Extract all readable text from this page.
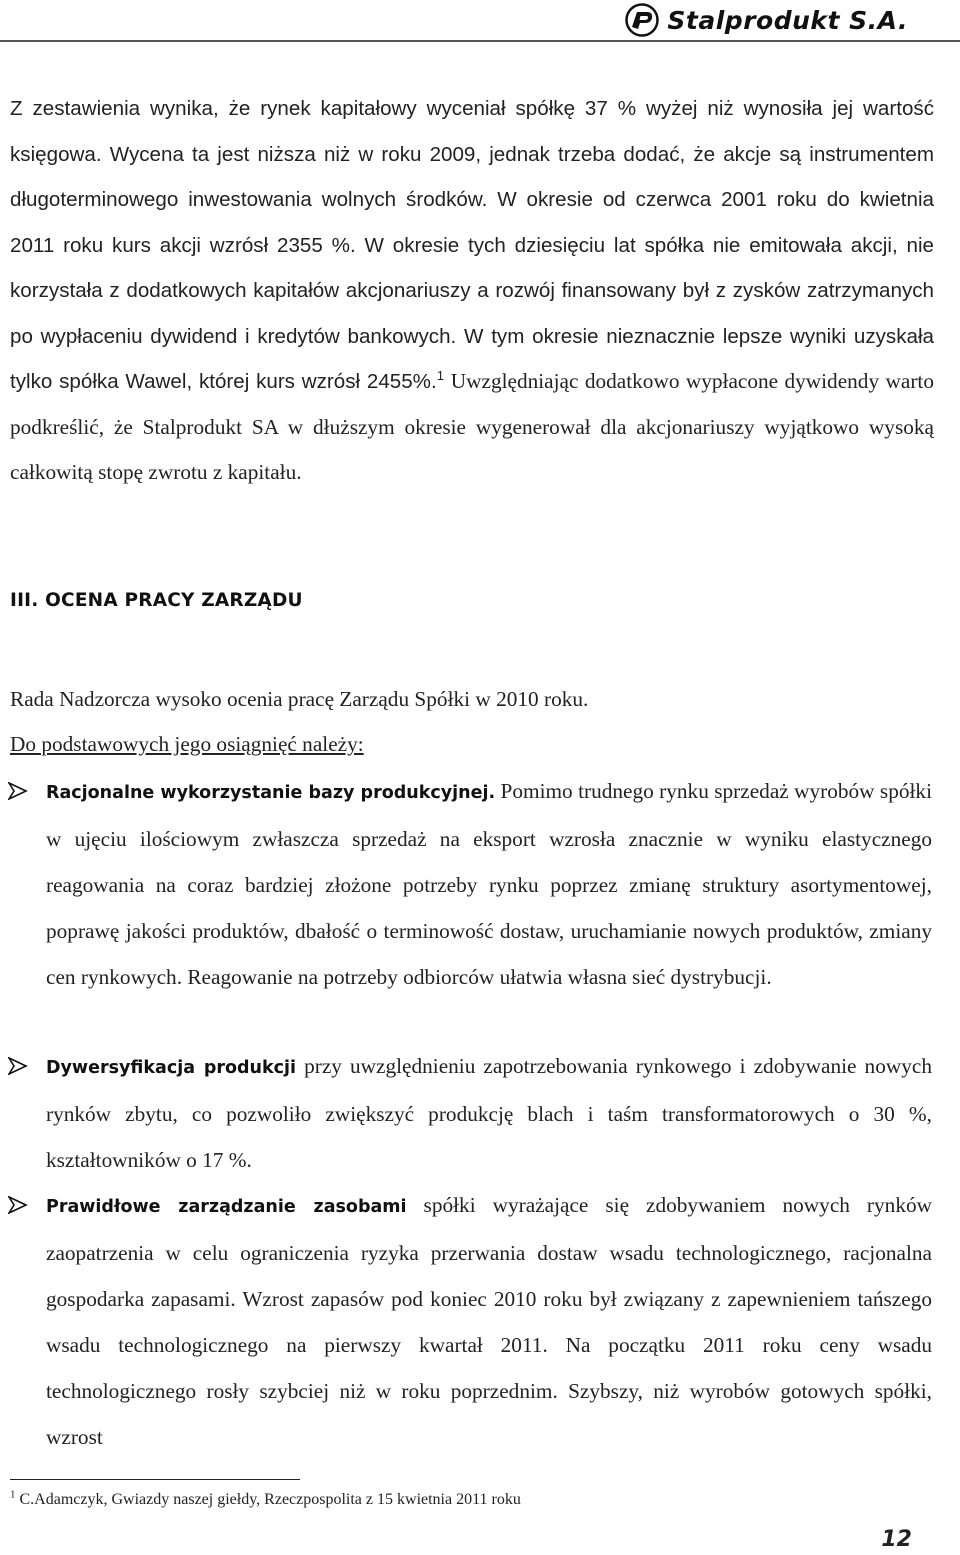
Stalprodukt S.A.
Z zestawienia wynika, że rynek kapitałowy wyceniał spółkę 37 % wyżej niż wynosiła jej wartość księgowa. Wycena ta jest niższa niż w roku 2009, jednak trzeba dodać, że akcje są instrumentem długoterminowego inwestowania wolnych środków. W okresie od czerwca 2001 roku do kwietnia 2011 roku kurs akcji wzrósł 2355 %. W okresie tych dziesięciu lat spółka nie emitowała akcji, nie korzystała z dodatkowych kapitałów akcjonariuszy a rozwój finansowany był z zysków zatrzymanych po wypłaceniu dywidend i kredytów bankowych. W tym okresie nieznacznie lepsze wyniki uzyskała tylko spółka Wawel, której kurs wzrósł 2455%.$^1$ Uwzględniając dodatkowo wypłacone dywidendy warto podkreślić, że Stalprodukt SA w dłuższym okresie wygenerował dla akcjonariuszy wyjątkowo wysoką całkowitą stopę zwrotu z kapitału.
III. OCENA PRACY ZARZĄDU
Rada Nadzorcza wysoko ocenia pracę Zarządu Spółki w 2010 roku.
Do podstawowych jego osiągnięć należy:
Racjonalne wykorzystanie bazy produkcyjnej. Pomimo trudnego rynku sprzedaż wyrobów spółki w ujęciu ilościowym zwłaszcza sprzedaż na eksport wzrosła znacznie w wyniku elastycznego reagowania na coraz bardziej złożone potrzeby rynku poprzez zmianę struktury asortymentowej, poprawę jakości produktów, dbałość o terminowość dostaw, uruchamianie nowych produktów, zmiany cen rynkowych. Reagowanie na potrzeby odbiorców ułatwia własna sieć dystrybucji.
Dywersyfikacja produkcji przy uwzględnieniu zapotrzebowania rynkowego i zdobywanie nowych rynków zbytu, co pozwoliło zwiększyć produkcję blach i taśm transformatorowych o 30 %, kształtowników o 17 %.
Prawidłowe zarządzanie zasobami spółki wyrażające się zdobywaniem nowych rynków zaopatrzenia w celu ograniczenia ryzyka przerwania dostaw wsadu technologicznego, racjonalna gospodarka zapasami. Wzrost zapasów pod koniec 2010 roku był związany z zapewnieniem tańszego wsadu technologicznego na pierwszy kwartał 2011. Na początku 2011 roku ceny wsadu technologicznego rosły szybciej niż w roku poprzednim. Szybszy, niż wyrobów gotowych spółki, wzrost
$^1$ C.Adamczyk, Gwiazdy naszej giełdy, Rzeczpospolita z 15 kwietnia 2011 roku
12
